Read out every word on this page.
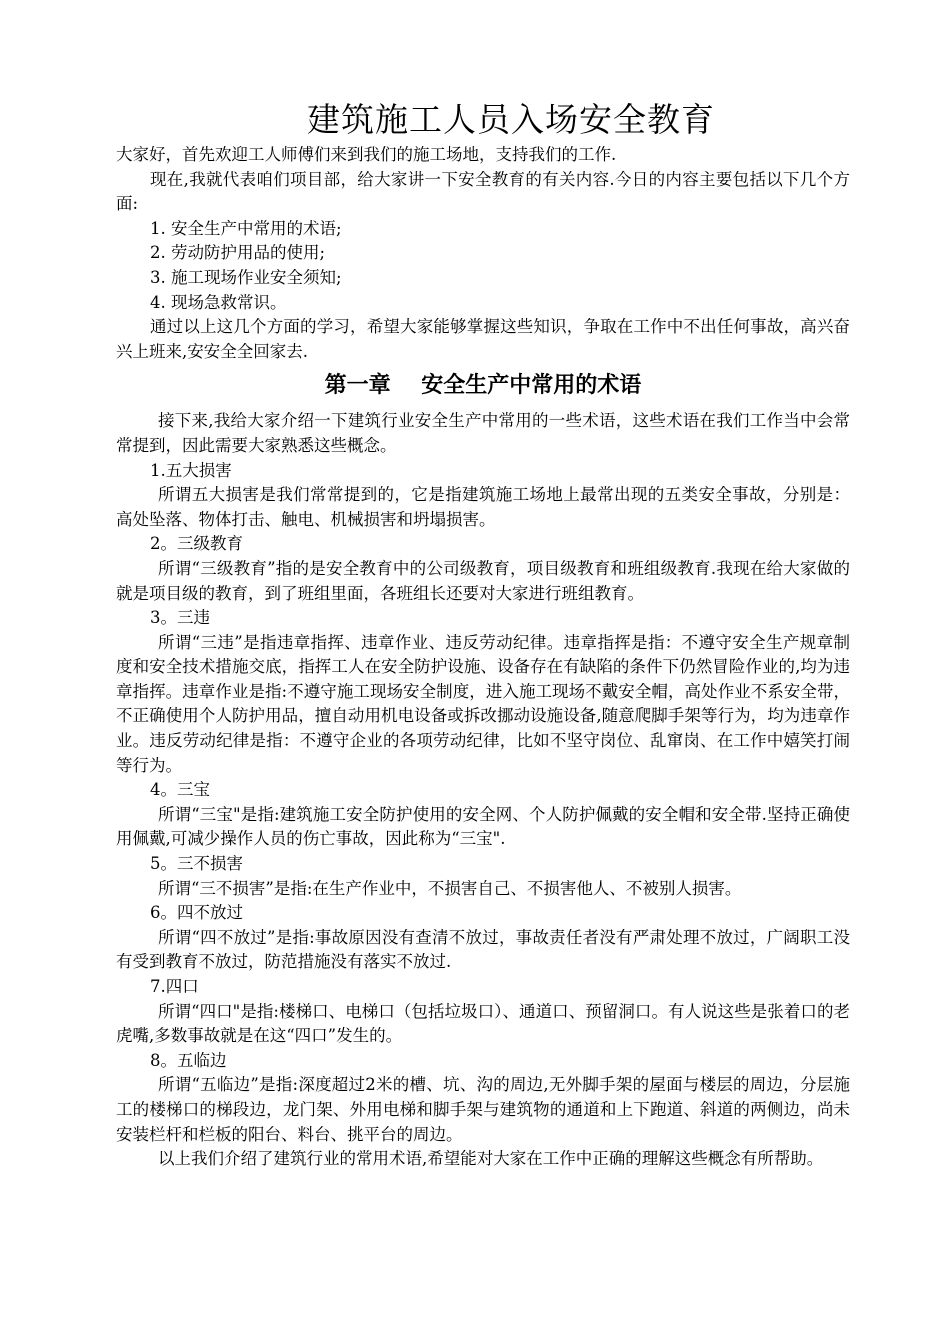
建筑施工人员入场安全教育

大家好，首先欢迎工人师傅们来到我们的施工场地，支持我们的工作.

现在,我就代表咱们项目部，给大家讲一下安全教育的有关内容.今日的内容主要包括以下几个方面:

1. 安全生产中常用的术语;

2. 劳动防护用品的使用;

3. 施工现场作业安全须知;

4. 现场急救常识。

通过以上这几个方面的学习，希望大家能够掌握这些知识，争取在工作中不出任何事故，高兴奋兴上班来,安安全全回家去.

第一章    安全生产中常用的术语

接下来,我给大家介绍一下建筑行业安全生产中常用的一些术语，这些术语在我们工作当中会常常提到，因此需要大家熟悉这些概念。

1.五大损害

所谓五大损害是我们常常提到的，它是指建筑施工场地上最常出现的五类安全事故，分别是：高处坠落、物体打击、触电、机械损害和坍塌损害。

2。三级教育

所谓“三级教育”指的是安全教育中的公司级教育，项目级教育和班组级教育.我现在给大家做的就是项目级的教育，到了班组里面，各班组长还要对大家进行班组教育。

3。三违

所谓“三违”是指违章指挥、违章作业、违反劳动纪律。违章指挥是指：不遵守安全生产规章制度和安全技术措施交底，指挥工人在安全防护设施、设备存在有缺陷的条件下仍然冒险作业的,均为违章指挥。违章作业是指:不遵守施工现场安全制度，进入施工现场不戴安全帽，高处作业不系安全带，不正确使用个人防护用品，擅自动用机电设备或拆改挪动设施设备,随意爬脚手架等行为，均为违章作业。违反劳动纪律是指：不遵守企业的各项劳动纪律，比如不坚守岗位、乱窜岗、在工作中嬉笑打闹等行为。

4。三宝

所谓“三宝"是指:建筑施工安全防护使用的安全网、个人防护佩戴的安全帽和安全带.坚持正确使用佩戴,可减少操作人员的伤亡事故，因此称为“三宝".

5。三不损害

所谓“三不损害”是指:在生产作业中，不损害自己、不损害他人、不被别人损害。

6。四不放过

所谓“四不放过”是指:事故原因没有查清不放过，事故责任者没有严肃处理不放过，广阔职工没有受到教育不放过，防范措施没有落实不放过.

7.四口

所谓“四口"是指:楼梯口、电梯口（包括垃圾口）、通道口、预留洞口。有人说这些是张着口的老虎嘴,多数事故就是在这“四口”发生的。

8。五临边

所谓“五临边”是指:深度超过2米的槽、坑、沟的周边,无外脚手架的屋面与楼层的周边，分层施工的楼梯口的梯段边，龙门架、外用电梯和脚手架与建筑物的通道和上下跑道、斜道的两侧边，尚未安装栏杆和栏板的阳台、料台、挑平台的周边。

以上我们介绍了建筑行业的常用术语,希望能对大家在工作中正确的理解这些概念有所帮助。
